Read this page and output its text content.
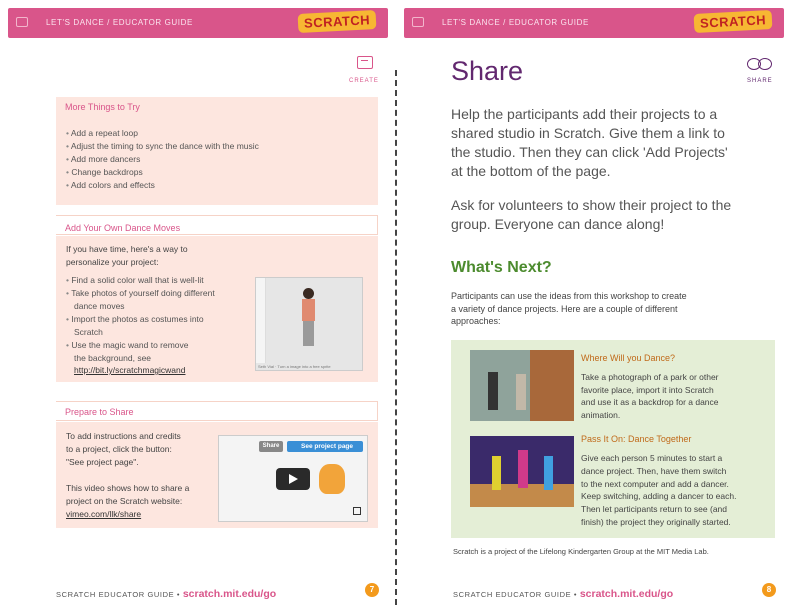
LET'S DANCE / EDUCATOR GUIDE	SCRATCH
CREATE
More Things to Try
• Add a repeat loop
• Adjust the timing to sync the dance with the music
• Add more dancers
• Change backdrops
• Add colors and effects
Add Your Own Dance Moves
If you have time, here's a way to
personalize your project:
• Find a solid color wall that is well-lit
• Take photos of yourself doing different
dance moves
• Import the photos as costumes into
Scratch
• Use the magic wand to remove
the background, see
http://bit.ly/scratchmagicwand	Seth Vial · Turn a image into a free sprite
Prepare to Share
To add instructions and credits
to a project, click the button:
"See project page".
This video shows how to share a
project on the Scratch website:
vimeo.com/llk/share
Share	See project page
SCRATCH EDUCATOR GUIDE • scratch.mit.edu/go	7
LET'S DANCE / EDUCATOR GUIDE	SCRATCH
Share	SHARE
Help the participants add their projects to a
shared studio in Scratch. Give them a link to
the studio. Then they can click 'Add Projects'
at the bottom of the page.
Ask for volunteers to show their project to the
group. Everyone can dance along!
What's Next?
Participants can use the ideas from this workshop to create
a variety of dance projects. Here are a couple of different
approaches:
Where Will you Dance?
Take a photograph of a park or other
favorite place, import it into Scratch
and use it as a backdrop for a dance
animation.
Pass It On: Dance Together
Give each person 5 minutes to start a
dance project. Then, have them switch
to the next computer and add a dancer.
Keep switching, adding a dancer to each.
Then let participants return to see (and
finish) the project they originally started.
Scratch is a project of the Lifelong Kindergarten Group at the MIT Media Lab.
SCRATCH EDUCATOR GUIDE • scratch.mit.edu/go	8
